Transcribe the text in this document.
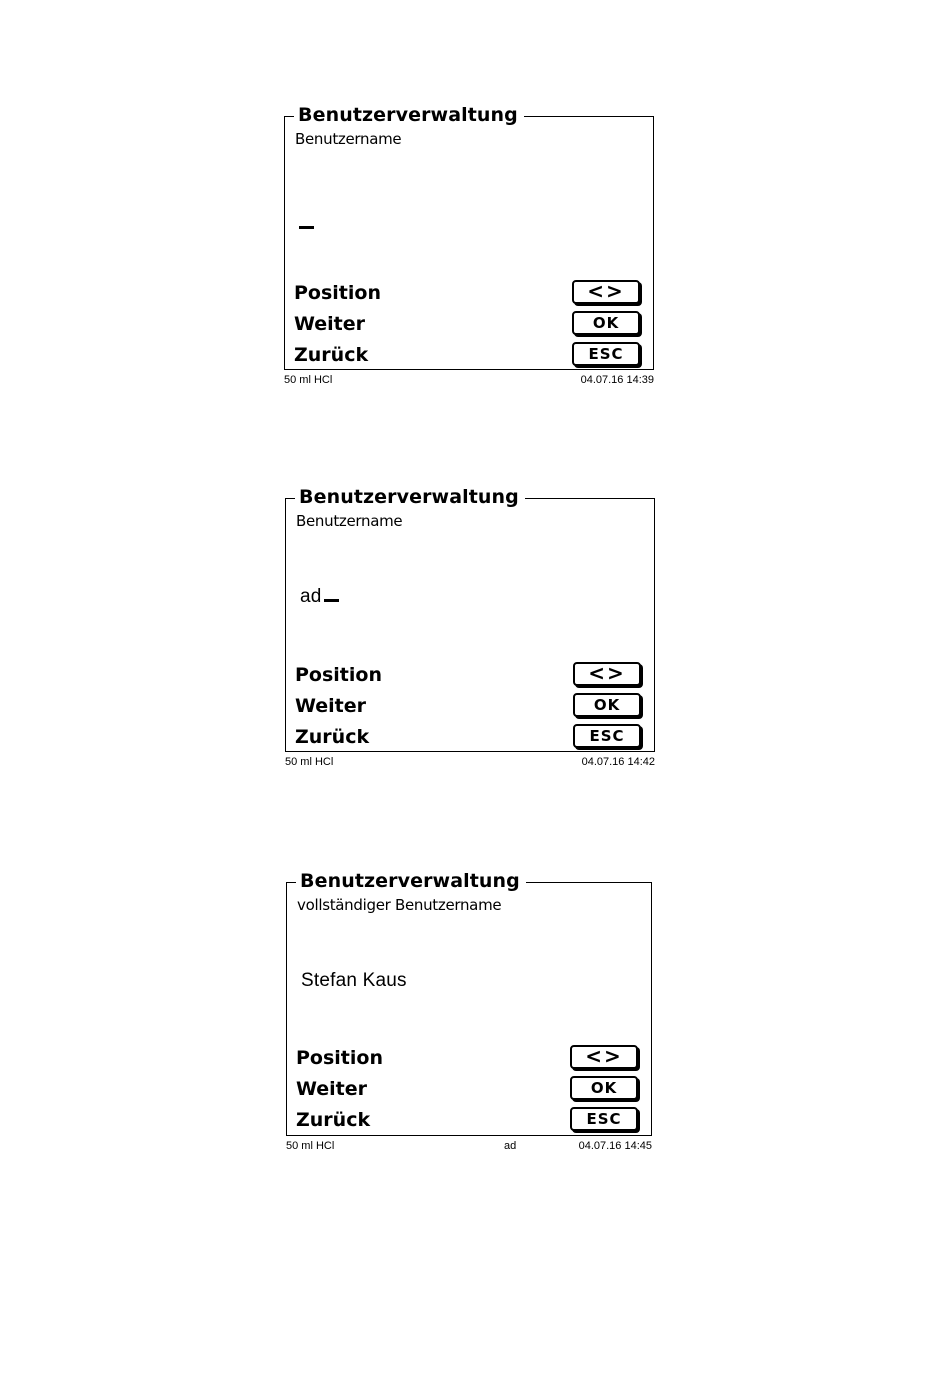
Benutzerverwaltung
Benutzername
Position	<>
Weiter	OK
Zurück	ESC
50 ml HCl	04.07.16 14:39
Benutzerverwaltung
Benutzername
ad
Position	<>
Weiter	OK
Zurück	ESC
50 ml HCl	04.07.16 14:42
Benutzerverwaltung
vollständiger Benutzername
Stefan Kaus
Position	<>
Weiter	OK
Zurück	ESC
50 ml HCl	ad	04.07.16 14:45
